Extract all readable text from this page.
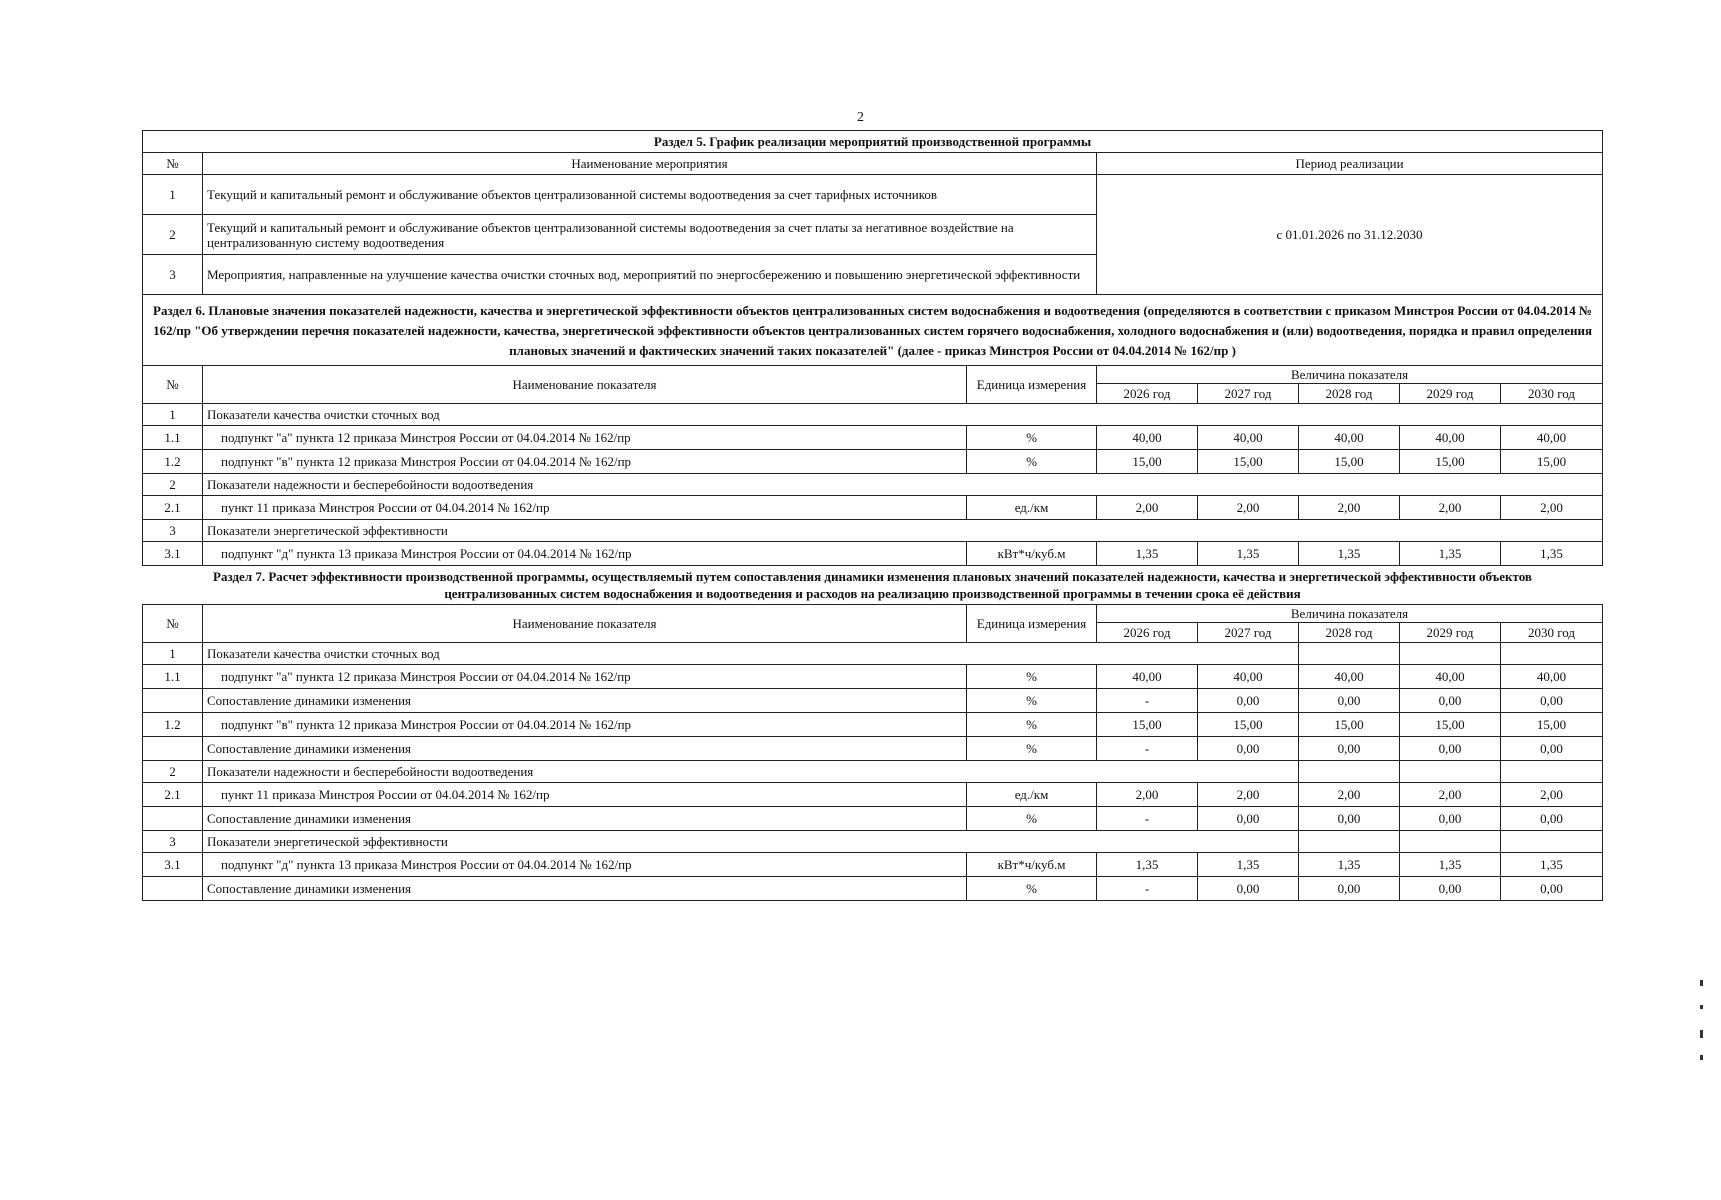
2
Раздел 5. График реализации мероприятий производственной программы		
№	Наименование мероприятия	Период реализации
1	Текущий и капитальный ремонт и обслуживание объектов централизованной системы водоотведения за счет тарифных источников	с 01.01.2026 по 31.12.2030
2	Текущий и капитальный ремонт и обслуживание объектов централизованной системы водоотведения за счет платы за негативное воздействие на централизованную систему водоотведения	
3	Мероприятия, направленные на улучшение качества очистки сточных вод, мероприятий по энергосбережению и повышению энергетической эффективности	
Раздел 6. Плановые значения показателей надежности, качества и энергетической эффективности объектов централизованных систем водоснабжения и водоотведения (определяются в соответствии с приказом Минстроя России от 04.04.2014 № 162/пр "Об утверждении перечня показателей надежности, качества, энергетической эффективности объектов централизованных систем горячего водоснабжения, холодного водоснабжения и (или) водоотведения, порядка и правил определения плановых значений и фактических значений таких показателей" (далее - приказ Минстроя России от 04.04.2014 № 162/пр )							
№	Наименование показателя	Единица измерения	Величина показателя				
			2026 год	2027 год	2028 год	2029 год	2030 год
1	Показатели качества очистки сточных вод						
1.1	подпункт "а" пункта 12 приказа Минстроя России от 04.04.2014 № 162/пр	%	40,00	40,00	40,00	40,00	40,00
1.2	подпункт "в" пункта 12 приказа Минстроя России от 04.04.2014 № 162/пр	%	15,00	15,00	15,00	15,00	15,00
2	Показатели надежности и бесперебойности водоотведения						
2.1	пункт 11 приказа Минстроя России от 04.04.2014 № 162/пр	ед./км	2,00	2,00	2,00	2,00	2,00
3	Показатели энергетической эффективности						
3.1	подпункт "д" пункта 13 приказа Минстроя России от 04.04.2014 № 162/пр	кВт*ч/куб.м	1,35	1,35	1,35	1,35	1,35
Раздел 7. Расчет эффективности производственной программы, осуществляемый путем сопоставления динамики изменения плановых значений показателей надежности, качества и энергетической эффективности объектов централизованных систем водоснабжения и водоотведения и расходов на реализацию производственной программы в течении срока её действия							
№	Наименование показателя	Единица измерения	Величина показателя				
			2026 год	2027 год	2028 год	2029 год	2030 год
1	Показатели качества очистки сточных вод						
1.1	подпункт "а" пункта 12 приказа Минстроя России от 04.04.2014 № 162/пр	%	40,00	40,00	40,00	40,00	40,00
	Сопоставление динамики изменения	%	-	0,00	0,00	0,00	0,00
1.2	подпункт "в" пункта 12 приказа Минстроя России от 04.04.2014 № 162/пр	%	15,00	15,00	15,00	15,00	15,00
	Сопоставление динамики изменения	%	-	0,00	0,00	0,00	0,00
2	Показатели надежности и бесперебойности водоотведения						
2.1	пункт 11 приказа Минстроя России от 04.04.2014 № 162/пр	ед./км	2,00	2,00	2,00	2,00	2,00
	Сопоставление динамики изменения	%	-	0,00	0,00	0,00	0,00
3	Показатели энергетической эффективности						
3.1	подпункт "д" пункта 13 приказа Минстроя России от 04.04.2014 № 162/пр	кВт*ч/куб.м	1,35	1,35	1,35	1,35	1,35
	Сопоставление динамики изменения	%	-	0,00	0,00	0,00	0,00
